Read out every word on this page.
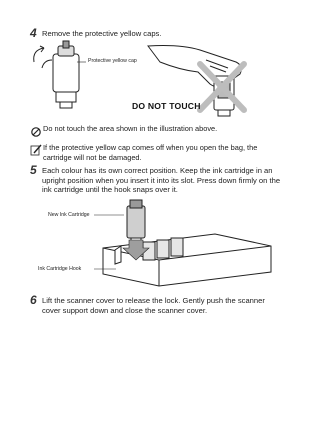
4 Remove the protective yellow caps.
Protective yellow cap
DO NOT TOUCH
Do not touch the area shown in the illustration above.
If the protective yellow cap comes off when you open the bag, the cartridge will not be damaged.
5 Each colour has its own correct position. Keep the ink cartridge in an upright position when you insert it into its slot. Press down firmly on the ink cartridge until the hook snaps over it.
New Ink Cartridge
Ink Cartridge Hook
6 Lift the scanner cover to release the lock. Gently push the scanner cover support down and close the scanner cover.
